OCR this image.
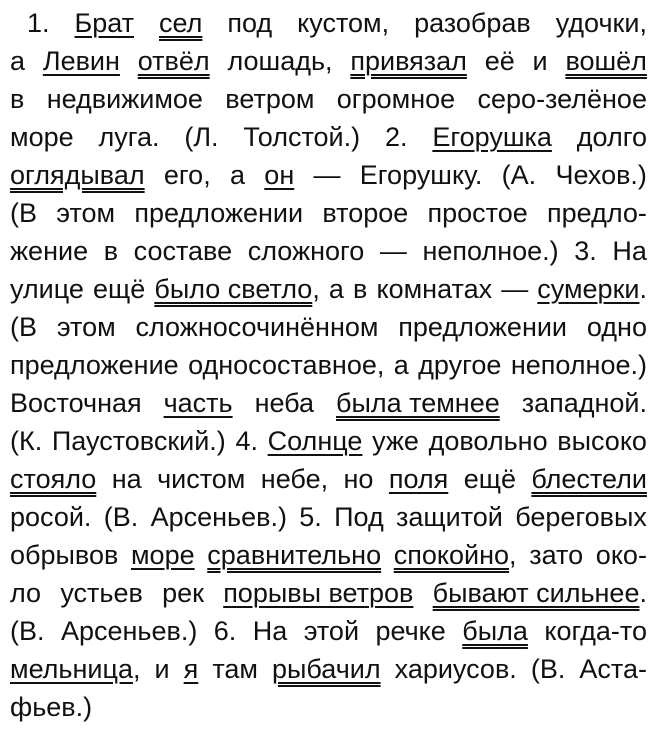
1. Брат сел под кустом, разобрав удочки,
а Левин отвёл лошадь, привязал её и вошёл
в недвижимое ветром огромное серо-зелёное
море луга. (Л. Толстой.) 2. Егорушка долго
оглядывал его, а он — Егорушку. (А. Чехов.)
(В этом предложении второе простое предло-
жение в составе сложного — неполное.) 3. На
улице ещё было светло, а в комнатах — сумерки.
(В этом сложносочинённом предложении одно
предложение односоставное, а другое неполное.)
Восточная часть неба была темнее западной.
(К. Паустовский.) 4. Солнце уже довольно высоко
стояло на чистом небе, но поля ещё блестели
росой. (В. Арсеньев.) 5. Под защитой береговых
обрывов море сравнительно спокойно, зато око-
ло устьев рек порывы ветров бывают сильнее.
(В. Арсеньев.) 6. На этой речке была когда-то
мельница, и я там рыбачил хариусов. (В. Аста-
фьев.)
